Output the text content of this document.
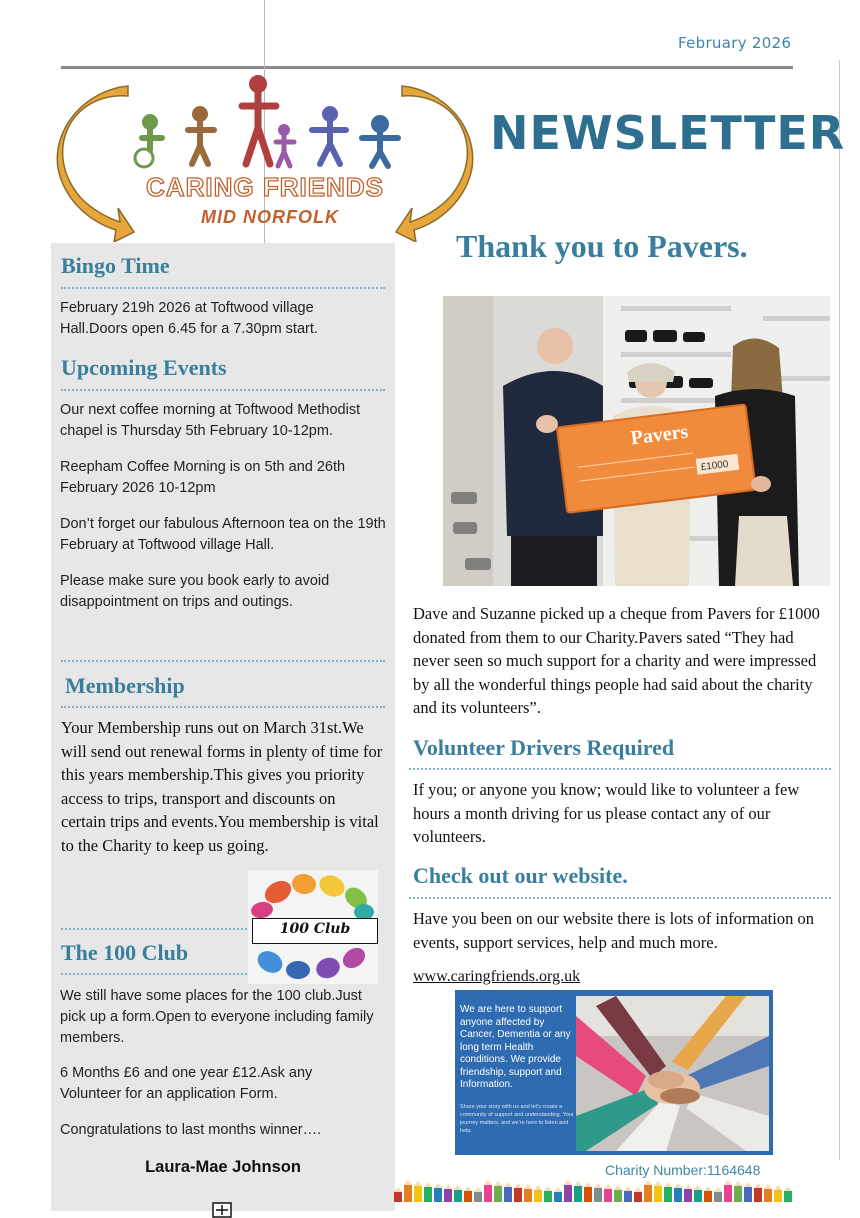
February 2026
CARING FRIENDS
MID NORFOLK
NEWSLETTER
Bingo Time
February 219h 2026 at Toftwood village Hall.Doors open 6.45 for a 7.30pm start.
Upcoming Events
Our next coffee morning at Toftwood Methodist chapel is Thursday 5th February 10-12pm.
Reepham Coffee Morning is on 5th and 26th February 2026 10-12pm
Don’t forget our fabulous Afternoon tea on the 19th February at Toftwood village Hall.
Please make sure you book early to avoid disappointment on trips and outings.
Membership
Your Membership runs out on March 31st.We will send out renewal forms in plenty of time for this years membership.This gives you priority access to trips, transport and discounts on certain trips and events.You membership is vital to the Charity to keep us going.
The 100 Club
100 Club
We still have some places for the 100 club.Just pick up a form.Open to everyone including family members.
6 Months £6 and one year £12.Ask any Volunteer for an application Form.
Congratulations to last months winner….
Laura-Mae Johnson
Thank you to Pavers.
Pavers
£1000
Dave and Suzanne picked up a cheque from Pavers for £1000 donated from them to our Charity.Pavers sated “They had never seen so much support for a charity and were impressed by all the wonderful things people had said about the charity and its volunteers”.
Volunteer Drivers Required
If you; or anyone you know; would like to volunteer a few hours a month driving for us please contact any of our volunteers.
Check out our website.
Have you been on our website there is lots of information on events, support services, help and much more.
www.caringfriends.org.uk
We are here to support anyone affected by Cancer, Dementia or any long term Health conditions. We provide friendship, support and Information.
Share your story with us and let's create a community of support and understanding. Your journey matters, and we're here to listen and help.
Charity Number:1164648
